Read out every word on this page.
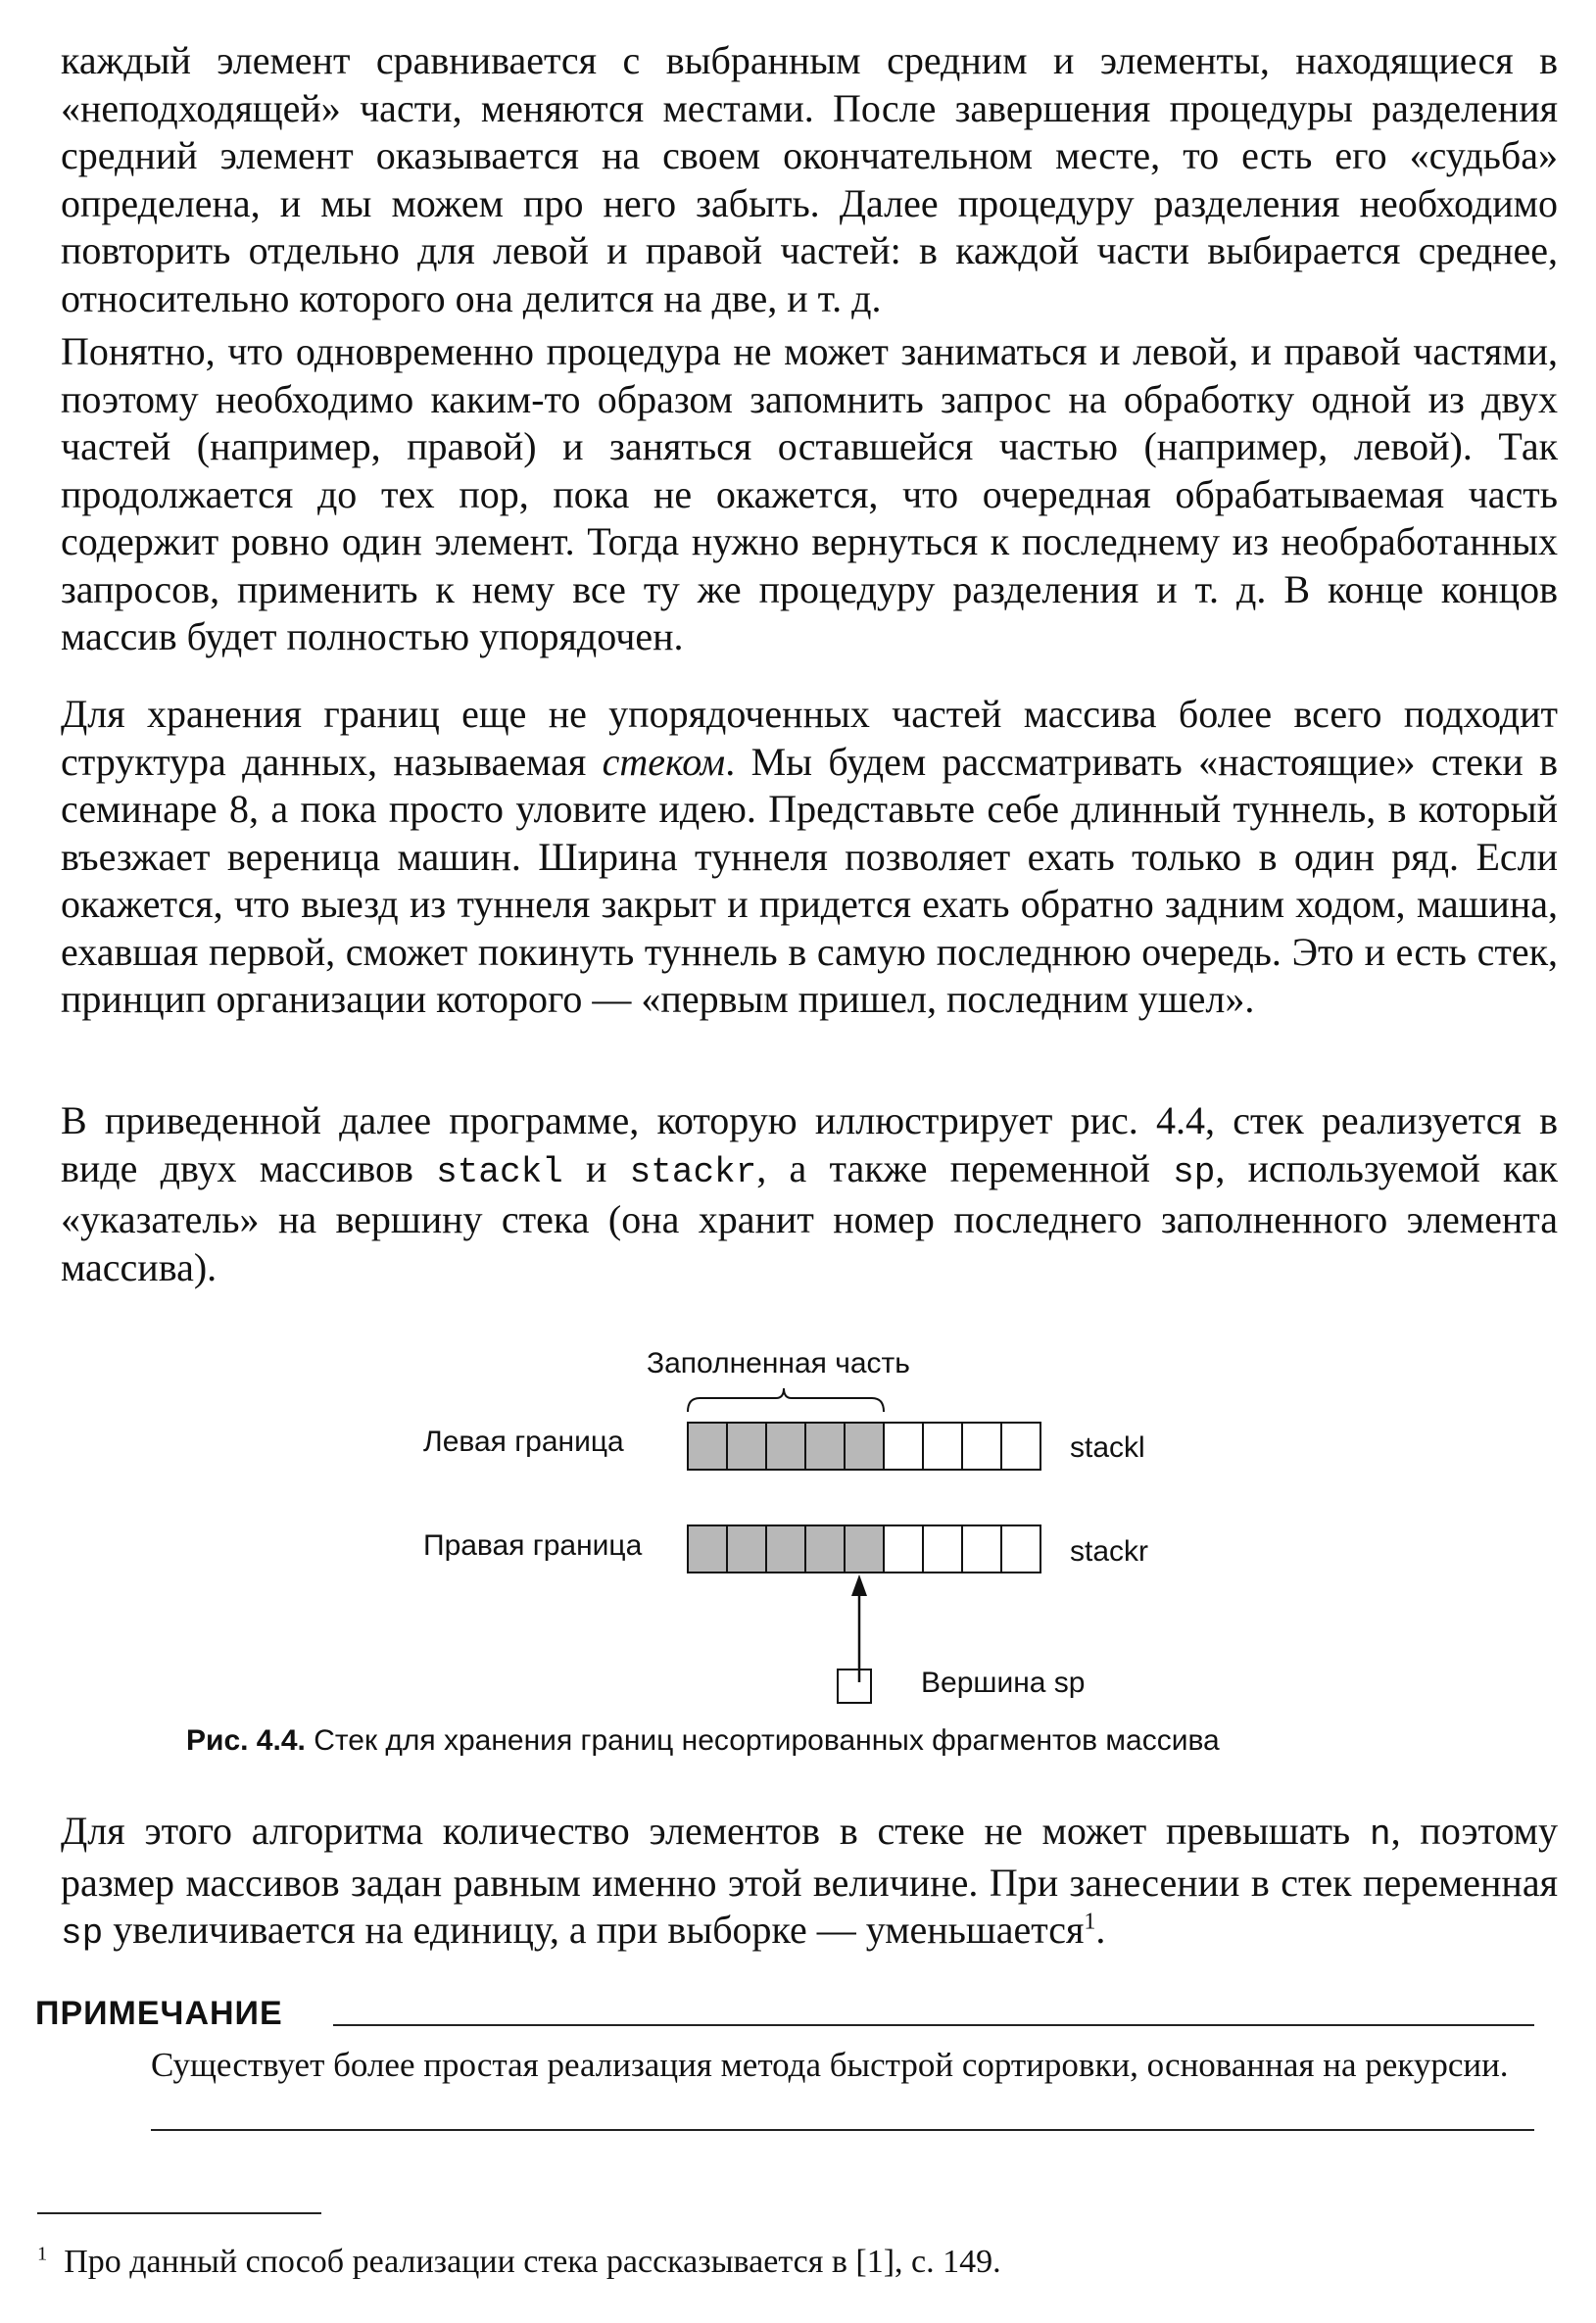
каждый элемент сравнивается с выбранным средним и элементы, находящиеся в «неподходящей» части, меняются местами. После завершения процедуры разделения средний элемент оказывается на своем окончательном месте, то есть его «судьба» определена, и мы можем про него забыть. Далее процедуру разделения необходимо повторить отдельно для левой и правой частей: в каждой части выбирается среднее, относительно которого она делится на две, и т. д.

Понятно, что одновременно процедура не может заниматься и левой, и правой частями, поэтому необходимо каким-то образом запомнить запрос на обработку одной из двух частей (например, правой) и заняться оставшейся частью (например, левой). Так продолжается до тех пор, пока не окажется, что очередная обрабатываемая часть содержит ровно один элемент. Тогда нужно вернуться к последнему из необработанных запросов, применить к нему все ту же процедуру разделения и т. д. В конце концов массив будет полностью упорядочен.

Для хранения границ еще не упорядоченных частей массива более всего подходит структура данных, называемая стеком. Мы будем рассматривать «настоящие» стеки в семинаре 8, а пока просто уловите идею. Представьте себе длинный туннель, в который въезжает вереница машин. Ширина туннеля позволяет ехать только в один ряд. Если окажется, что выезд из туннеля закрыт и придется ехать обратно задним ходом, машина, ехавшая первой, сможет покинуть туннель в самую последнюю очередь. Это и есть стек, принцип организации которого — «первым пришел, последним ушел».

В приведенной далее программе, которую иллюстрирует рис. 4.4, стек реализуется в виде двух массивов stackl и stackr, а также переменной sp, используемой как «указатель» на вершину стека (она хранит номер последнего заполненного элемента массива).

Заполненная часть
Левая граница	stackl
Правая граница	stackr
Вершина sp
Рис. 4.4. Стек для хранения границ несортированных фрагментов массива

Для этого алгоритма количество элементов в стеке не может превышать n, поэтому размер массивов задан равным именно этой величине. При занесении в стек переменная sp увеличивается на единицу, а при выборке — уменьшается$^1$.

ПРИМЕЧАНИЕ

Существует более простая реализация метода быстрой сортировки, основанная на рекурсии.

$^1$ Про данный способ реализации стека рассказывается в [1], с. 149.
